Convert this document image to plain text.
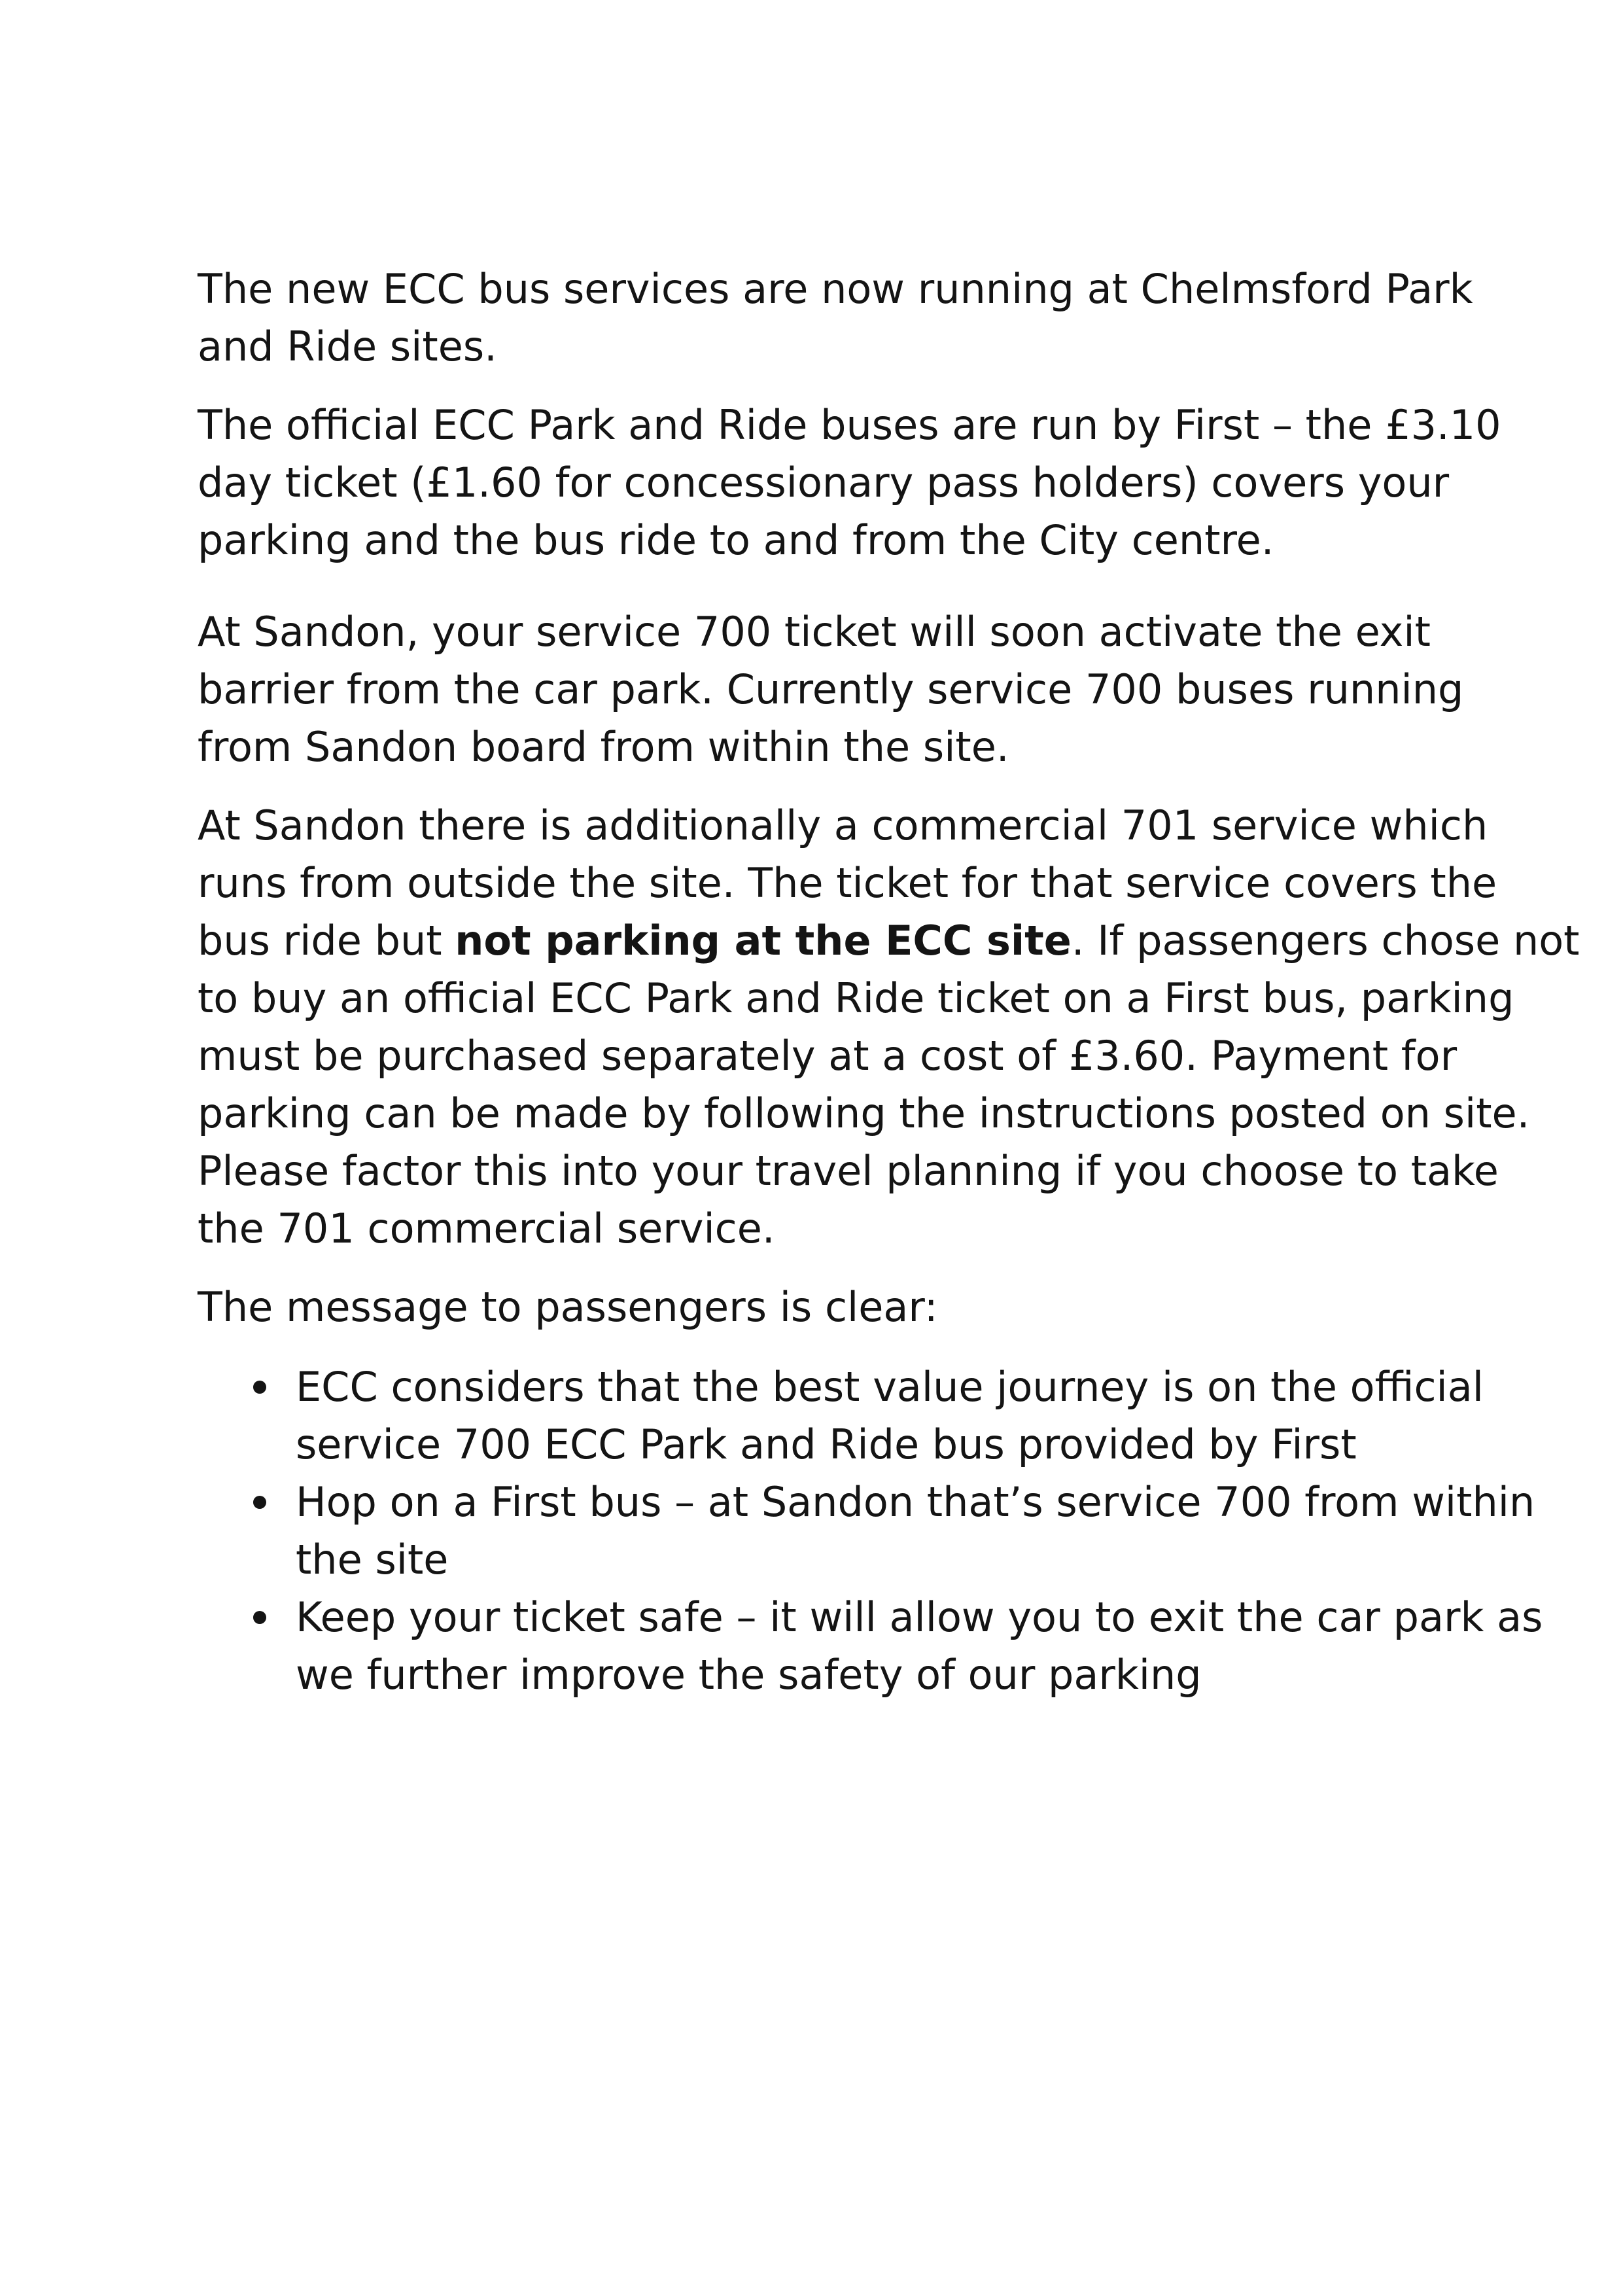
The new ECC bus services are now running at Chelmsford Park
and Ride sites.

The official ECC Park and Ride buses are run by First – the £3.10
day ticket (£1.60 for concessionary pass holders) covers your
parking and the bus ride to and from the City centre.

At Sandon, your service 700 ticket will soon activate the exit
barrier from the car park. Currently service 700 buses running
from Sandon board from within the site.

At Sandon there is additionally a commercial 701 service which
runs from outside the site. The ticket for that service covers the
bus ride but not parking at the ECC site. If passengers chose not
to buy an official ECC Park and Ride ticket on a First bus, parking
must be purchased separately at a cost of £3.60. Payment for
parking can be made by following the instructions posted on site.
Please factor this into your travel planning if you choose to take
the 701 commercial service.

The message to passengers is clear:

ECC considers that the best value journey is on the official
service 700 ECC Park and Ride bus provided by First
Hop on a First bus – at Sandon that’s service 700 from within
the site
Keep your ticket safe – it will allow you to exit the car park as
we further improve the safety of our parking
